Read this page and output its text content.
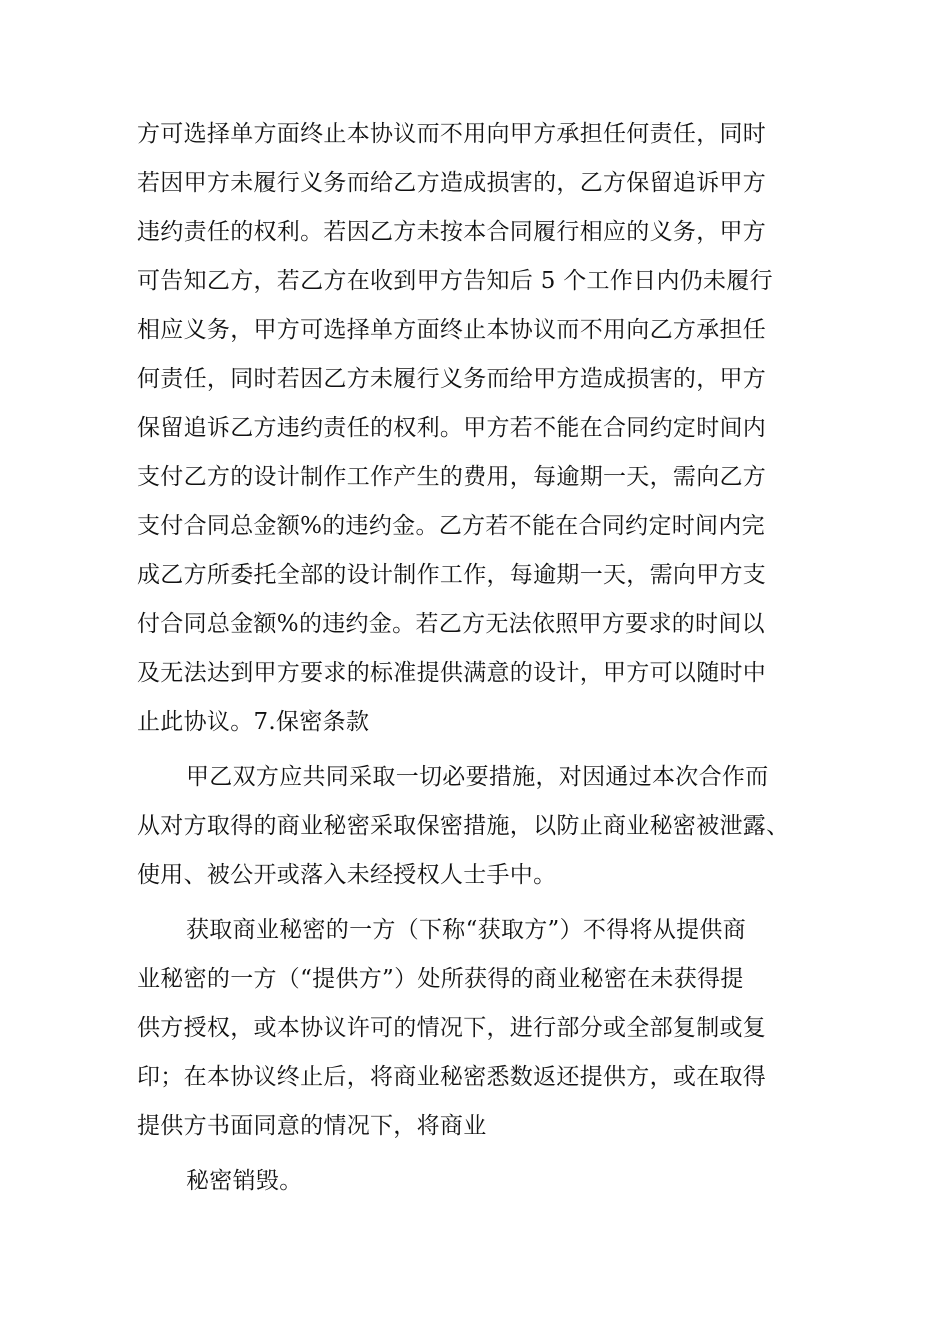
方可选择单方面终止本协议而不用向甲方承担任何责任，同时
若因甲方未履行义务而给乙方造成损害的，乙方保留追诉甲方
违约责任的权利。若因乙方未按本合同履行相应的义务，甲方
可告知乙方，若乙方在收到甲方告知后 5 个工作日内仍未履行
相应义务，甲方可选择单方面终止本协议而不用向乙方承担任
何责任，同时若因乙方未履行义务而给甲方造成损害的，甲方
保留追诉乙方违约责任的权利。甲方若不能在合同约定时间内
支付乙方的设计制作工作产生的费用，每逾期一天，需向乙方
支付合同总金额%的违约金。乙方若不能在合同约定时间内完
成乙方所委托全部的设计制作工作，每逾期一天，需向甲方支
付合同总金额%的违约金。若乙方无法依照甲方要求的时间以
及无法达到甲方要求的标准提供满意的设计，甲方可以随时中
止此协议。7.保密条款
甲乙双方应共同采取一切必要措施，对因通过本次合作而
从对方取得的商业秘密采取保密措施，以防止商业秘密被泄露、
使用、被公开或落入未经授权人士手中。
获取商业秘密的一方（下称“获取方”）不得将从提供商
业秘密的一方（“提供方”）处所获得的商业秘密在未获得提
供方授权，或本协议许可的情况下，进行部分或全部复制或复
印；在本协议终止后，将商业秘密悉数返还提供方，或在取得
提供方书面同意的情况下，将商业
秘密销毁。
